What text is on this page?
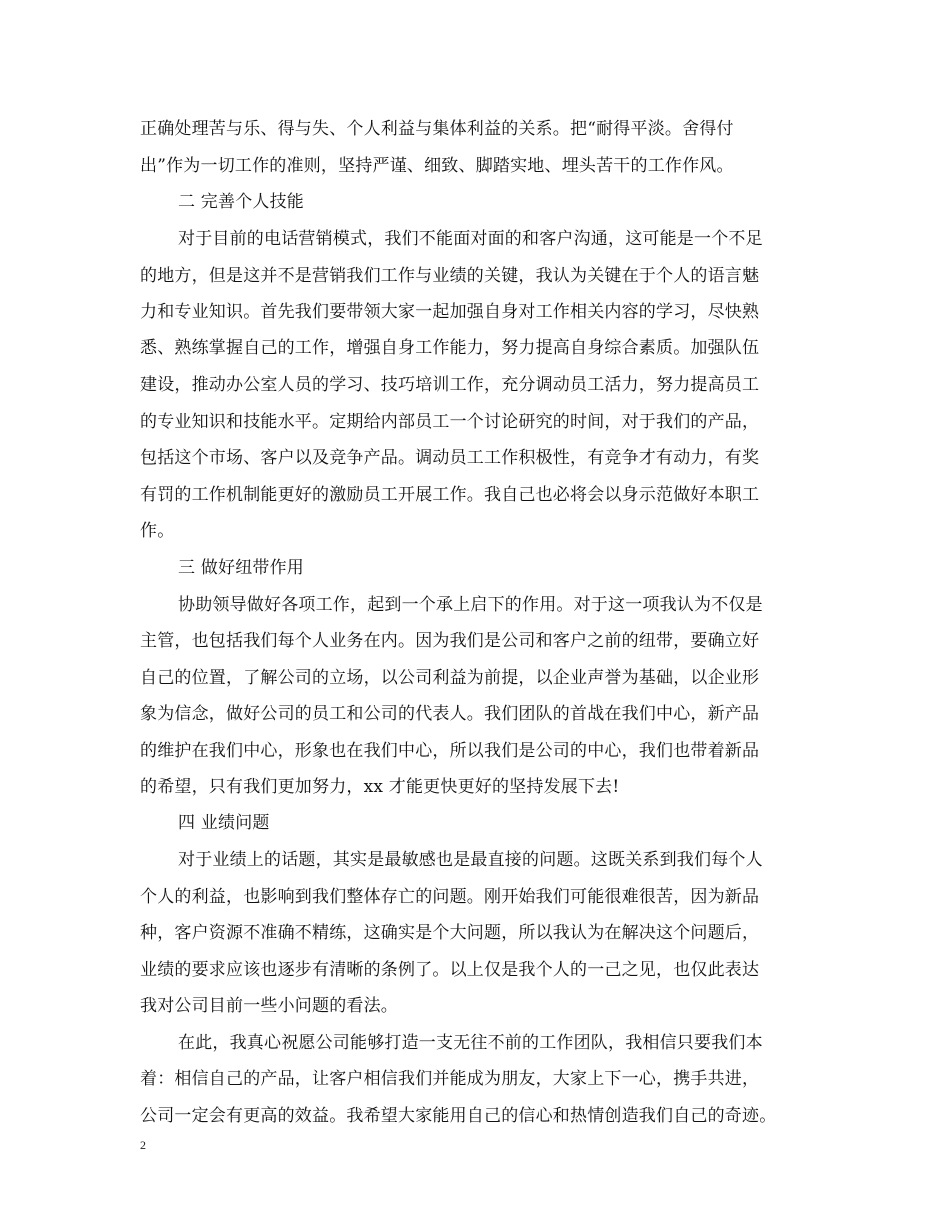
正确处理苦与乐、得与失、个人利益与集体利益的关系。把“耐得平淡。舍得付
出”作为一切工作的准则，坚持严谨、细致、脚踏实地、埋头苦干的工作作风。
二 完善个人技能
对于目前的电话营销模式，我们不能面对面的和客户沟通，这可能是一个不足
的地方，但是这并不是营销我们工作与业绩的关键，我认为关键在于个人的语言魅
力和专业知识。首先我们要带领大家一起加强自身对工作相关内容的学习，尽快熟
悉、熟练掌握自己的工作，增强自身工作能力，努力提高自身综合素质。加强队伍
建设，推动办公室人员的学习、技巧培训工作，充分调动员工活力，努力提高员工
的专业知识和技能水平。定期给内部员工一个讨论研究的时间，对于我们的产品，
包括这个市场、客户以及竞争产品。调动员工工作积极性，有竞争才有动力，有奖
有罚的工作机制能更好的激励员工开展工作。我自己也必将会以身示范做好本职工
作。
三 做好纽带作用
协助领导做好各项工作，起到一个承上启下的作用。对于这一项我认为不仅是
主管，也包括我们每个人业务在内。因为我们是公司和客户之前的纽带，要确立好
自己的位置，了解公司的立场，以公司利益为前提，以企业声誉为基础，以企业形
象为信念，做好公司的员工和公司的代表人。我们团队的首战在我们中心，新产品
的维护在我们中心，形象也在我们中心，所以我们是公司的中心，我们也带着新品
的希望，只有我们更加努力，xx 才能更快更好的坚持发展下去!
四 业绩问题
对于业绩上的话题，其实是最敏感也是最直接的问题。这既关系到我们每个人
个人的利益，也影响到我们整体存亡的问题。刚开始我们可能很难很苦，因为新品
种，客户资源不准确不精练，这确实是个大问题，所以我认为在解决这个问题后，
业绩的要求应该也逐步有清晰的条例了。以上仅是我个人的一己之见，也仅此表达
我对公司目前一些小问题的看法。
在此，我真心祝愿公司能够打造一支无往不前的工作团队，我相信只要我们本
着：相信自己的产品，让客户相信我们并能成为朋友，大家上下一心，携手共进，
公司一定会有更高的效益。我希望大家能用自己的信心和热情创造我们自己的奇迹。
2
